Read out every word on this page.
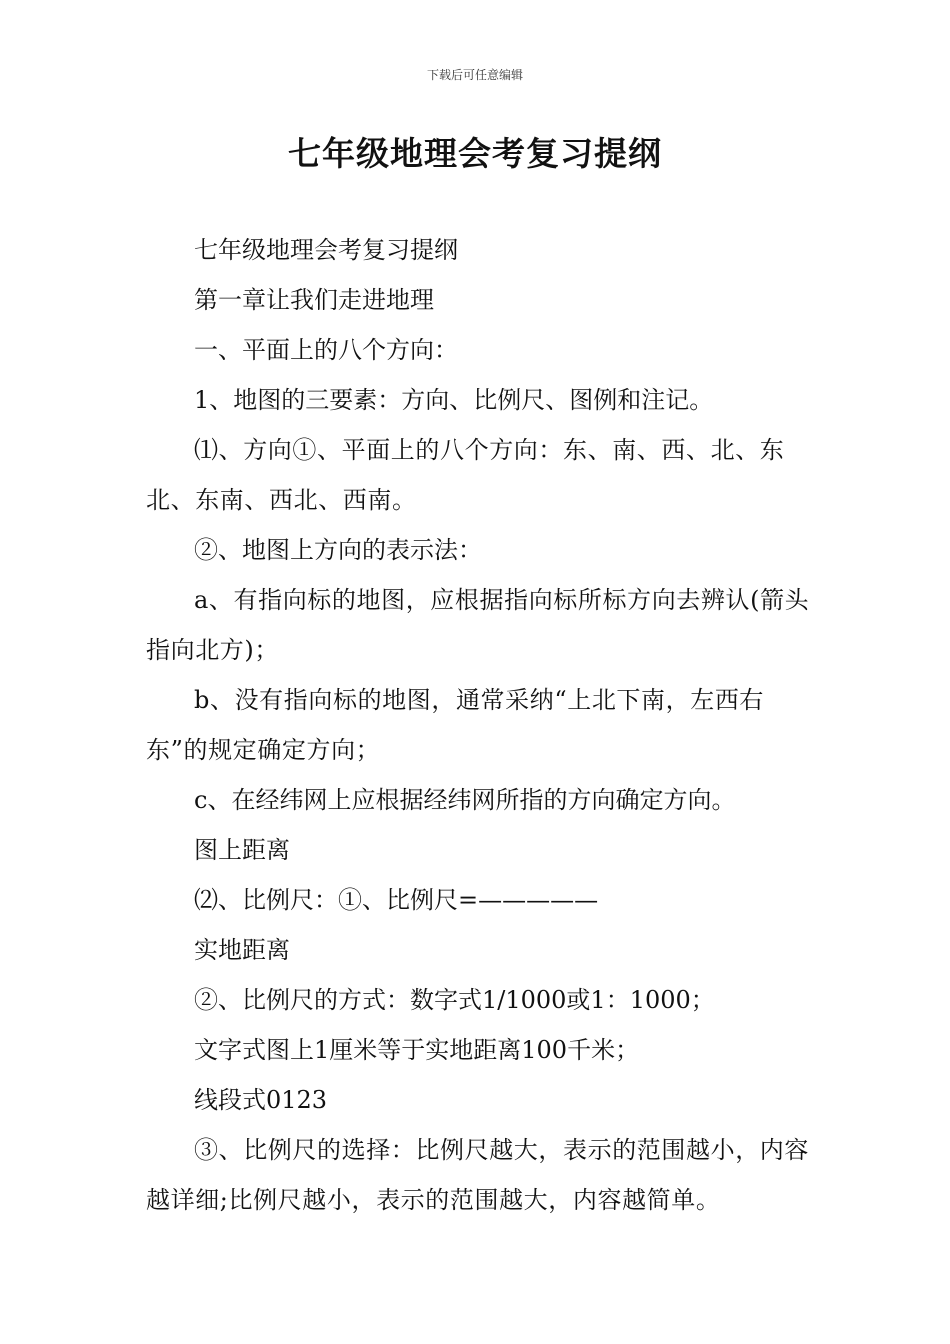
下载后可任意编辑
七年级地理会考复习提纲

七年级地理会考复习提纲

第一章让我们走进地理

一、平面上的八个方向：

1、地图的三要素：方向、比例尺、图例和注记。

⑴、方向①、平面上的八个方向：东、南、西、北、东北、东南、西北、西南。

②、地图上方向的表示法：

a、有指向标的地图，应根据指向标所标方向去辨认(箭头指向北方)；

b、没有指向标的地图，通常采纳“上北下南，左西右东”的规定确定方向；

c、在经纬网上应根据经纬网所指的方向确定方向。

图上距离

⑵、比例尺：①、比例尺=—————

实地距离

②、比例尺的方式：数字式1/1000或1：1000；

文字式图上1厘米等于实地距离100千米；

线段式0123

③、比例尺的选择：比例尺越大，表示的范围越小，内容越详细;比例尺越小，表示的范围越大，内容越简单。
